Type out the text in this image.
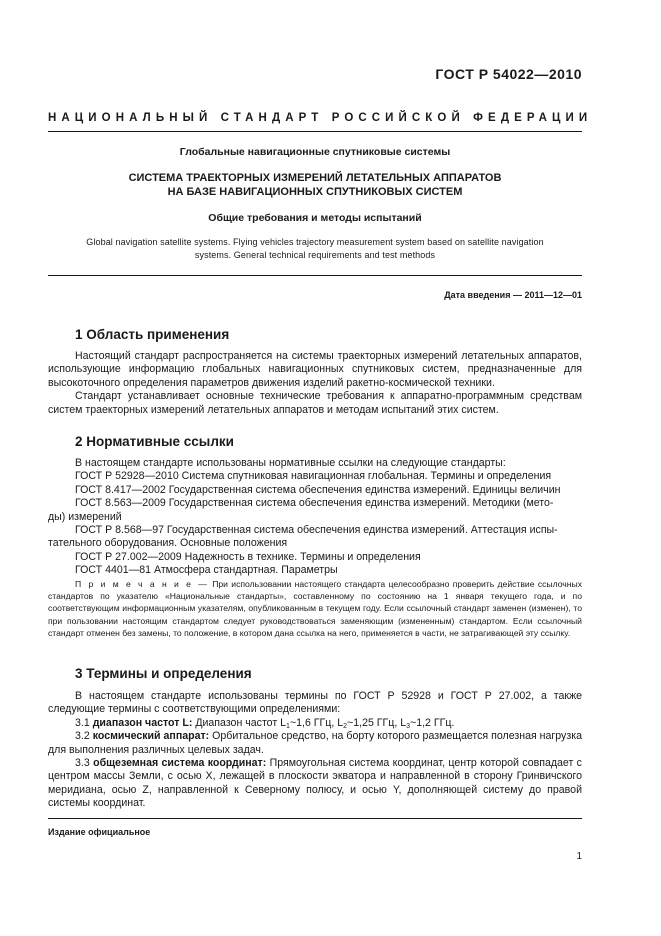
ГОСТ Р 54022—2010
НАЦИОНАЛЬНЫЙ СТАНДАРТ РОССИЙСКОЙ ФЕДЕРАЦИИ
Глобальные навигационные спутниковые системы
СИСТЕМА ТРАЕКТОРНЫХ ИЗМЕРЕНИЙ ЛЕТАТЕЛЬНЫХ АППАРАТОВ
НА БАЗЕ НАВИГАЦИОННЫХ СПУТНИКОВЫХ СИСТЕМ
Общие требования и методы испытаний
Global navigation satellite systems. Flying vehicles trajectory measurement system based on satellite navigation
systems. General technical requirements and test methods
Дата введения — 2011—12—01
1 Область применения

Настоящий стандарт распространяется на системы траекторных измерений летательных аппаратов, использующие информацию глобальных навигационных спутниковых систем, предназначенные для высокоточного определения параметров движения изделий ракетно-космической техники.

Стандарт устанавливает основные технические требования к аппаратно-программным средствам систем траекторных измерений летательных аппаратов и методам испытаний этих систем.

2 Нормативные ссылки

В настоящем стандарте использованы нормативные ссылки на следующие стандарты:

ГОСТ Р 52928—2010 Система спутниковая навигационная глобальная. Термины и определения

ГОСТ 8.417—2002 Государственная система обеспечения единства измерений. Единицы величин

ГОСТ 8.563—2009 Государственная система обеспечения единства измерений. Методики (мето-

ды) измерений

ГОСТ Р 8.568—97 Государственная система обеспечения единства измерений. Аттестация испы-

тательного оборудования. Основные положения

ГОСТ Р 27.002—2009 Надежность в технике. Термины и определения

ГОСТ 4401—81 Атмосфера стандартная. Параметры

П р и м е ч а н и е — При использовании настоящего стандарта целесообразно проверить действие ссылочных стандартов по указателю «Национальные стандарты», составленному по состоянию на 1 января текущего года, и по соответствующим информационным указателям, опубликованным в текущем году. Если ссылочный стандарт заменен (изменен), то при пользовании настоящим стандартом следует руководствоваться заменяющим (измененным) стандартом. Если ссылочный стандарт отменен без замены, то положение, в котором дана ссылка на него, применяется в части, не затрагивающей эту ссылку.
3 Термины и определения

В настоящем стандарте использованы термины по ГОСТ Р 52928 и ГОСТ Р 27.002, а также следующие термины с соответствующими определениями:

3.1 диапазон частот L: Диапазон частот $L_1\sim 1,6$ ГГц, $L_2\sim 1,25$ ГГц, $L_3\sim 1,2$ ГГц.

3.2 космический аппарат: Орбитальное средство, на борту которого размещается полезная нагрузка для выполнения различных целевых задач.

3.3 общеземная система координат: Прямоугольная система координат, центр которой совпадает с центром массы Земли, с осью X, лежащей в плоскости экватора и направленной в сторону Гринвичского меридиана, осью Z, направленной к Северному полюсу, и осью Y, дополняющей систему до правой системы координат.

Издание официальное
1
